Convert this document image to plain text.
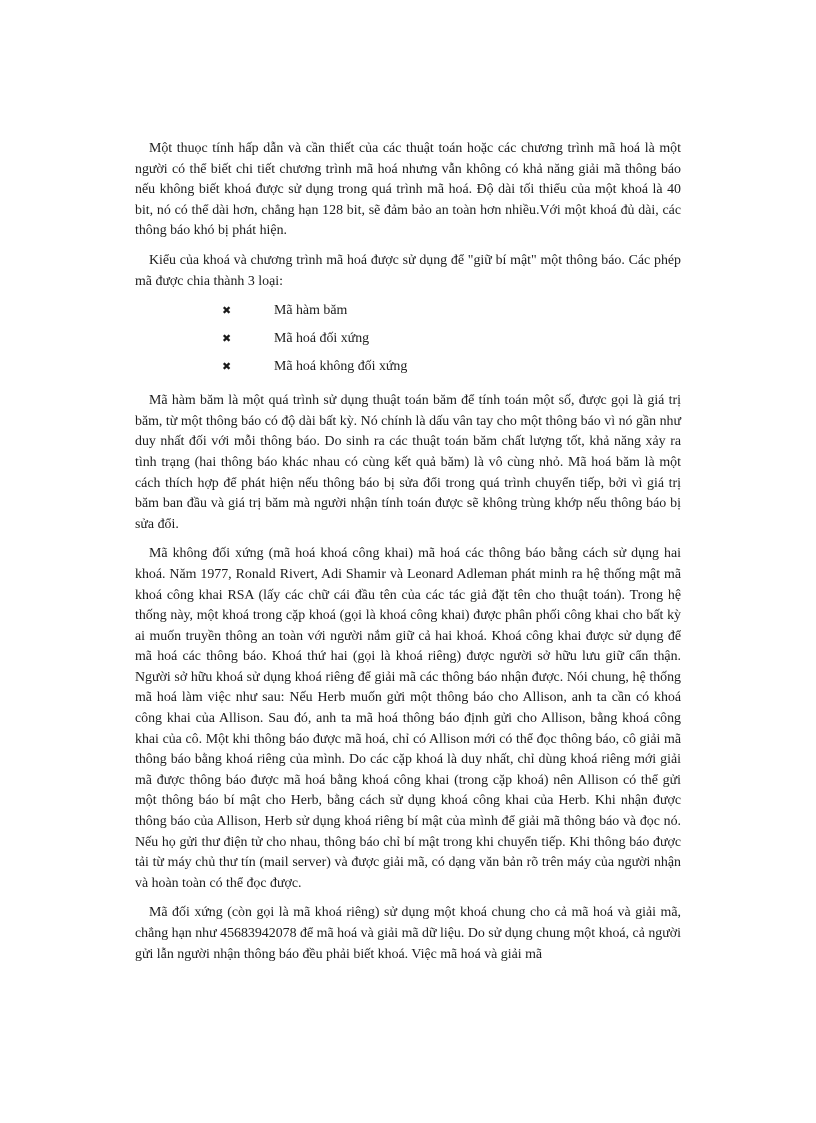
Một thuọc tính hấp dẫn và cần thiết của các thuật toán hoặc các chương trình mã hoá là một người có thể biết chi tiết chương trình mã hoá nhưng vẫn không có khả năng giải mã thông báo nếu không biết khoá được sử dụng trong quá trình mã hoá. Độ dài tối thiểu của một khoá là 40 bit, nó có thể dài hơn, chẳng hạn 128 bit, sẽ đảm bảo an toàn hơn nhiều.Với một khoá đủ dài, các thông báo khó bị phát hiện.

Kiểu của khoá và chương trình mã hoá được sử dụng để "giữ bí mật" một thông báo. Các phép mã được chia thành 3 loại:

✖	Mã hàm băm
✖	Mã hoá đối xứng
✖	Mã hoá không đối xứng

Mã hàm băm là một quá trình sử dụng thuật toán băm để tính toán một số, được gọi là giá trị băm, từ một thông báo có độ dài bất kỳ. Nó chính là dấu vân tay cho một thông báo vì nó gần như duy nhất đối với mỗi thông báo. Do sinh ra các thuật toán băm chất lượng tốt, khả năng xảy ra tình trạng (hai thông báo khác nhau có cùng kết quả băm) là vô cùng nhỏ. Mã hoá băm là một cách thích hợp để phát hiện nếu thông báo bị sửa đổi trong quá trình chuyển tiếp, bởi vì giá trị băm ban đầu và giá trị băm mà người nhận tính toán được sẽ không trùng khớp nếu thông báo bị sửa đổi.

Mã không đối xứng (mã hoá khoá công khai) mã hoá các thông báo bằng cách sử dụng hai khoá. Năm 1977, Ronald Rivert, Adi Shamir và Leonard Adleman phát minh ra hệ thống mật mã khoá công khai RSA (lấy các chữ cái đầu tên của các tác giả đặt tên cho thuật toán). Trong hệ thống này, một khoá trong cặp khoá (gọi là khoá công khai) được phân phối công khai cho bất kỳ ai muốn truyền thông an toàn với người nắm giữ cả hai khoá. Khoá công khai được sử dụng để mã hoá các thông báo. Khoá thứ hai (gọi là khoá riêng) được người sở hữu lưu giữ cẩn thận. Người sở hữu khoá sử dụng khoá riêng để giải mã các thông báo nhận được. Nói chung, hệ thống mã hoá làm việc như sau: Nếu Herb muốn gửi một thông báo cho Allison, anh ta cần có khoá công khai của Allison. Sau đó, anh ta mã hoá thông báo định gửi cho Allison, bằng khoá công khai của cô. Một khi thông báo được mã hoá, chỉ có Allison mới có thể đọc thông báo, cô giải mã thông báo bằng khoá riêng của mình. Do các cặp khoá là duy nhất, chỉ dùng khoá riêng mới giải mã được thông báo được mã hoá bằng khoá công khai (trong cặp khoá) nên Allison có thể gửi một thông báo bí mật cho Herb, bằng cách sử dụng khoá công khai của Herb. Khi nhận được thông báo của Allison, Herb sử dụng khoá riêng bí mật của mình để giải mã thông báo và đọc nó. Nếu họ gửi thư điện tử cho nhau, thông báo chỉ bí mật trong khi chuyển tiếp. Khi thông báo được tải từ máy chủ thư tín (mail server) và được giải mã, có dạng văn bản rõ trên máy của người nhận và hoàn toàn có thể đọc được.

Mã đối xứng (còn gọi là mã khoá riêng) sử dụng một khoá chung cho cả mã hoá và giải mã, chẳng hạn như 45683942078 để mã hoá và giải mã dữ liệu. Do sử dụng chung một khoá, cả người gửi lẫn người nhận thông báo đều phải biết khoá. Việc mã hoá và giải mã
